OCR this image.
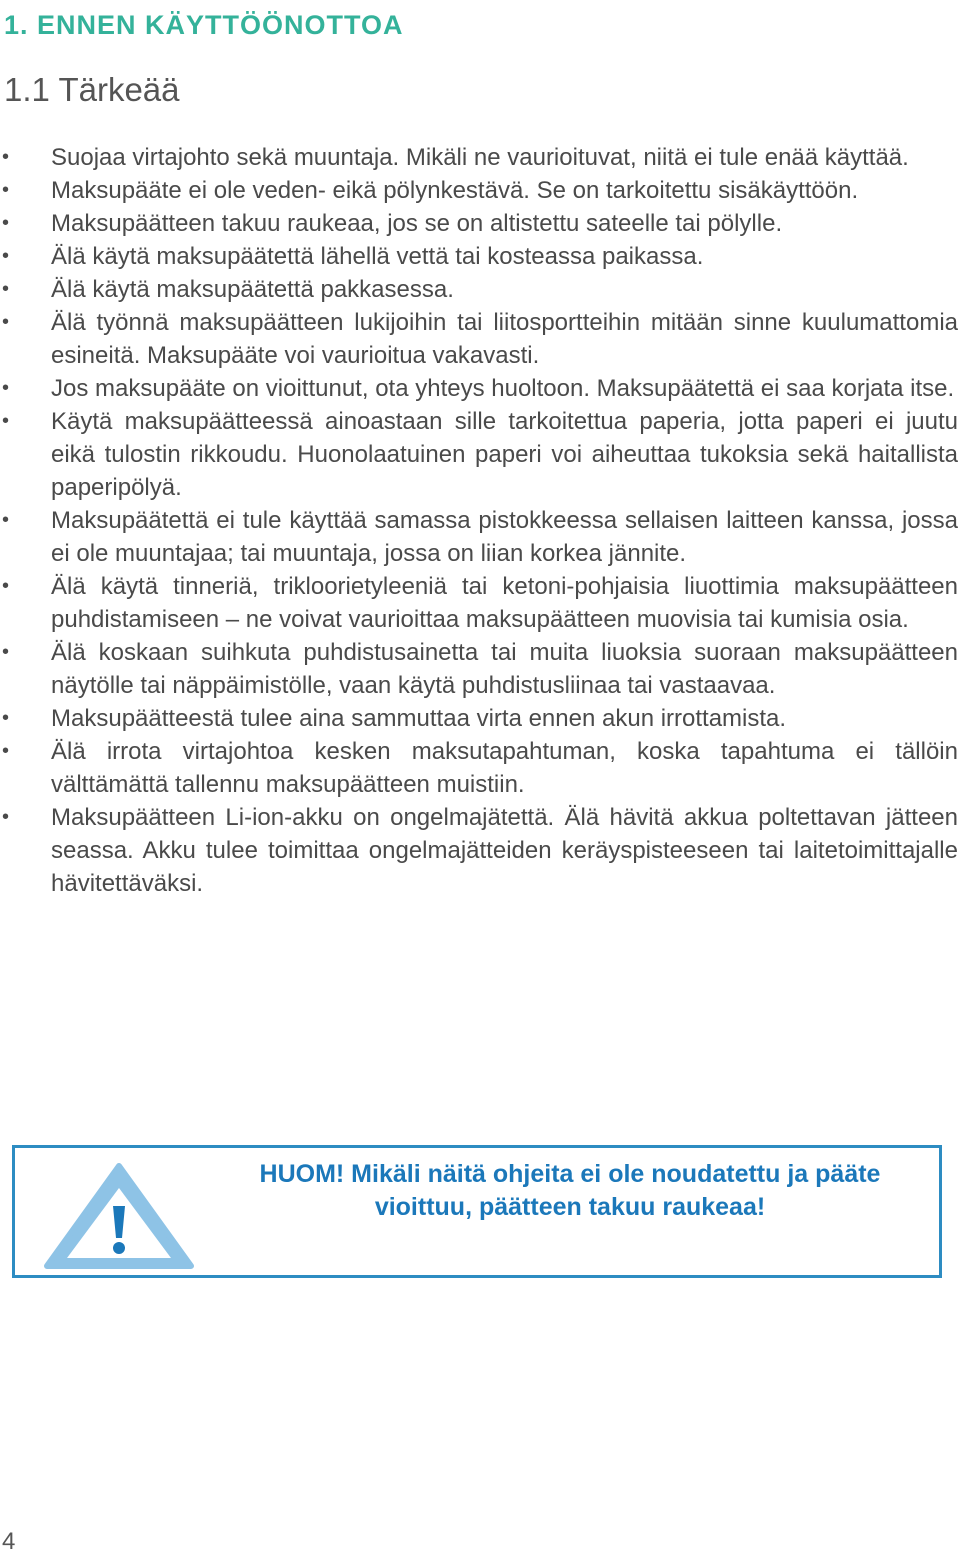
1. ENNEN KÄYTTÖÖNOTTOA
1.1 Tärkeää
•	Suojaa virtajohto sekä muuntaja. Mikäli ne vaurioituvat, niitä ei tule enää käyttää.
•	Maksupääte ei ole veden- eikä pölynkestävä. Se on tarkoitettu sisäkäyttöön.
•	Maksupäätteen takuu raukeaa, jos se on altistettu sateelle tai pölylle.
•	Älä käytä maksupäätettä lähellä vettä tai kosteassa paikassa.
•	Älä käytä maksupäätettä pakkasessa.
•	Älä työnnä maksupäätteen lukijoihin tai liitosportteihin mitään sinne kuulumattomia esineitä. Maksupääte voi vaurioitua vakavasti.
•	Jos maksupääte on vioittunut, ota yhteys huoltoon. Maksupäätettä ei saa korjata itse.
•	Käytä maksupäätteessä ainoastaan sille tarkoitettua paperia, jotta paperi ei juutu eikä tulostin rikkoudu. Huonolaatuinen paperi voi aiheuttaa tukoksia sekä haitallista paperipölyä.
•	Maksupäätettä ei tule käyttää samassa pistokkeessa sellaisen laitteen kanssa, jossa ei ole muuntajaa; tai muuntaja, jossa on liian korkea jännite.
•	Älä käytä tinneriä, trikloorietyleeniä tai ketoni-pohjaisia liuottimia maksupäätteen puhdistamiseen – ne voivat vaurioittaa maksupäätteen muovisia tai kumisia osia.
•	Älä koskaan suihkuta puhdistusainetta tai muita liuoksia suoraan maksupäätteen näytölle tai näppäimistölle, vaan käytä puhdistusliinaa tai vastaavaa.
•	Maksupäätteestä tulee aina sammuttaa virta ennen akun irrottamista.
•	Älä irrota virtajohtoa kesken maksutapahtuman, koska tapahtuma ei tällöin välttämättä tallennu maksupäätteen muistiin.
•	Maksupäätteen Li-ion-akku on ongelmajätettä. Älä hävitä akkua poltettavan jätteen seassa. Akku tulee toimittaa ongelmajätteiden keräyspisteeseen tai laitetoimittajalle hävitettäväksi.
HUOM! Mikäli näitä ohjeita ei ole noudatettu ja pääte
vioittuu, päätteen takuu raukeaa!
4
